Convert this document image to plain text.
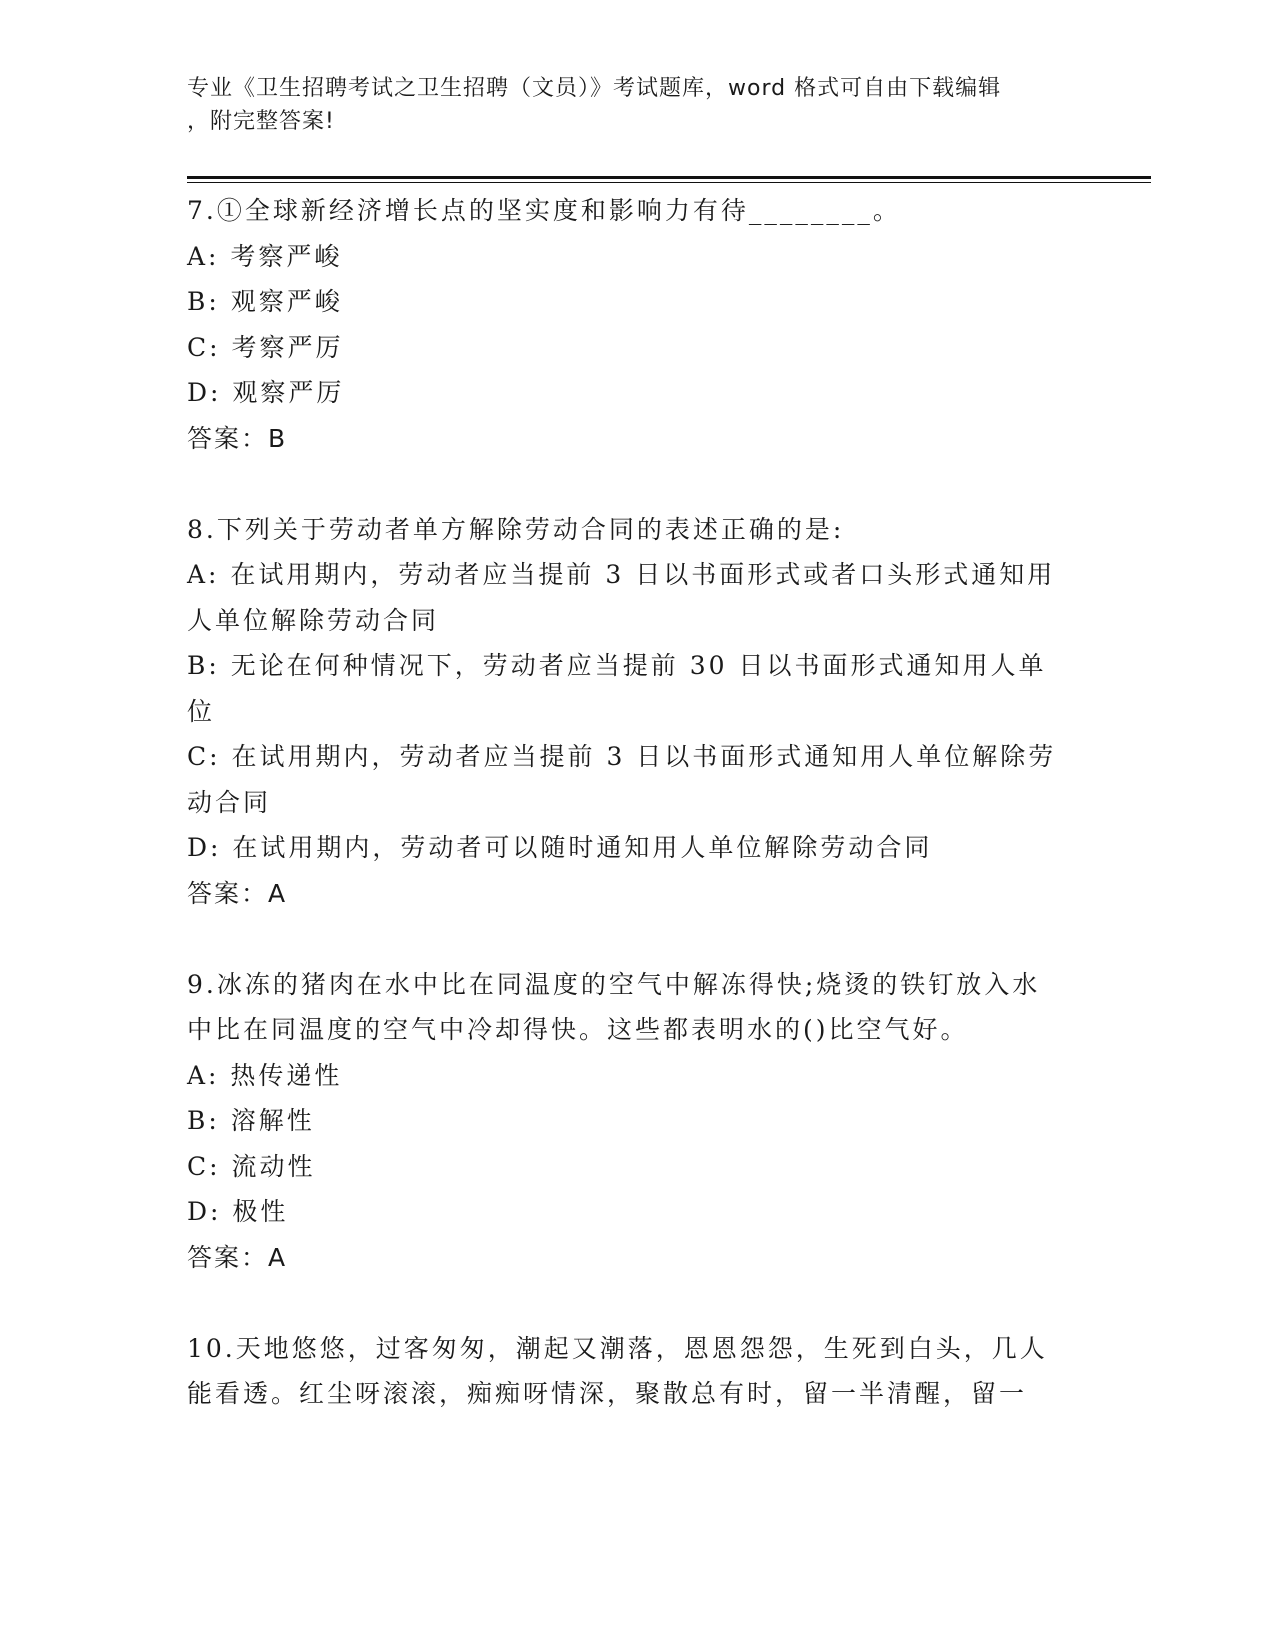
专业《卫生招聘考试之卫生招聘（文员）》考试题库，word 格式可自由下载编辑
，附完整答案!

7.①全球新经济增长点的坚实度和影响力有待________。

A: 考察严峻

B: 观察严峻

C: 考察严厉

D: 观察严厉

答案：B

8.下列关于劳动者单方解除劳动合同的表述正确的是:

A: 在试用期内，劳动者应当提前 3 日以书面形式或者口头形式通知用

人单位解除劳动合同

B: 无论在何种情况下，劳动者应当提前 30 日以书面形式通知用人单

位

C: 在试用期内，劳动者应当提前 3 日以书面形式通知用人单位解除劳

动合同

D: 在试用期内，劳动者可以随时通知用人单位解除劳动合同

答案：A

9.冰冻的猪肉在水中比在同温度的空气中解冻得快;烧烫的铁钉放入水

中比在同温度的空气中冷却得快。这些都表明水的()比空气好。

A: 热传递性

B: 溶解性

C: 流动性

D: 极性

答案：A

10.天地悠悠，过客匆匆，潮起又潮落，恩恩怨怨，生死到白头，几人

能看透。红尘呀滚滚，痴痴呀情深，聚散总有时，留一半清醒，留一
